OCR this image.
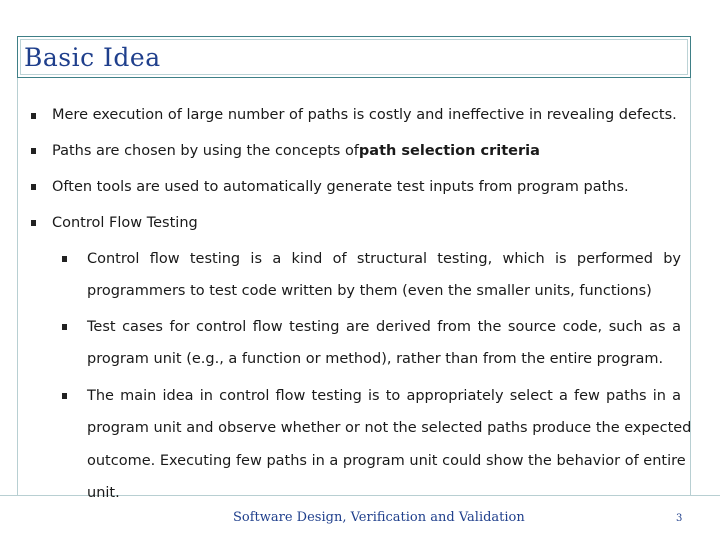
Basic Idea
Mere execution of large number of paths is costly and ineffective in revealing defects.
Paths are chosen by using the concepts ofpath selection criteria
Often tools are used to automatically generate test inputs from program paths.
Control Flow Testing
Control flow testing is a kind of structural testing, which is performed by
programmers to test code written by them (even the smaller units, functions)
Test cases for control flow testing are derived from the source code, such as a
program unit (e.g., a function or method), rather than from the entire program.
The main idea in control flow testing is to appropriately select a few paths in a
program unit and observe whether or not the selected paths produce the expected
outcome. Executing few paths in a program unit could show the behavior of entire
unit.
Software Design, Verification and Validation	3
